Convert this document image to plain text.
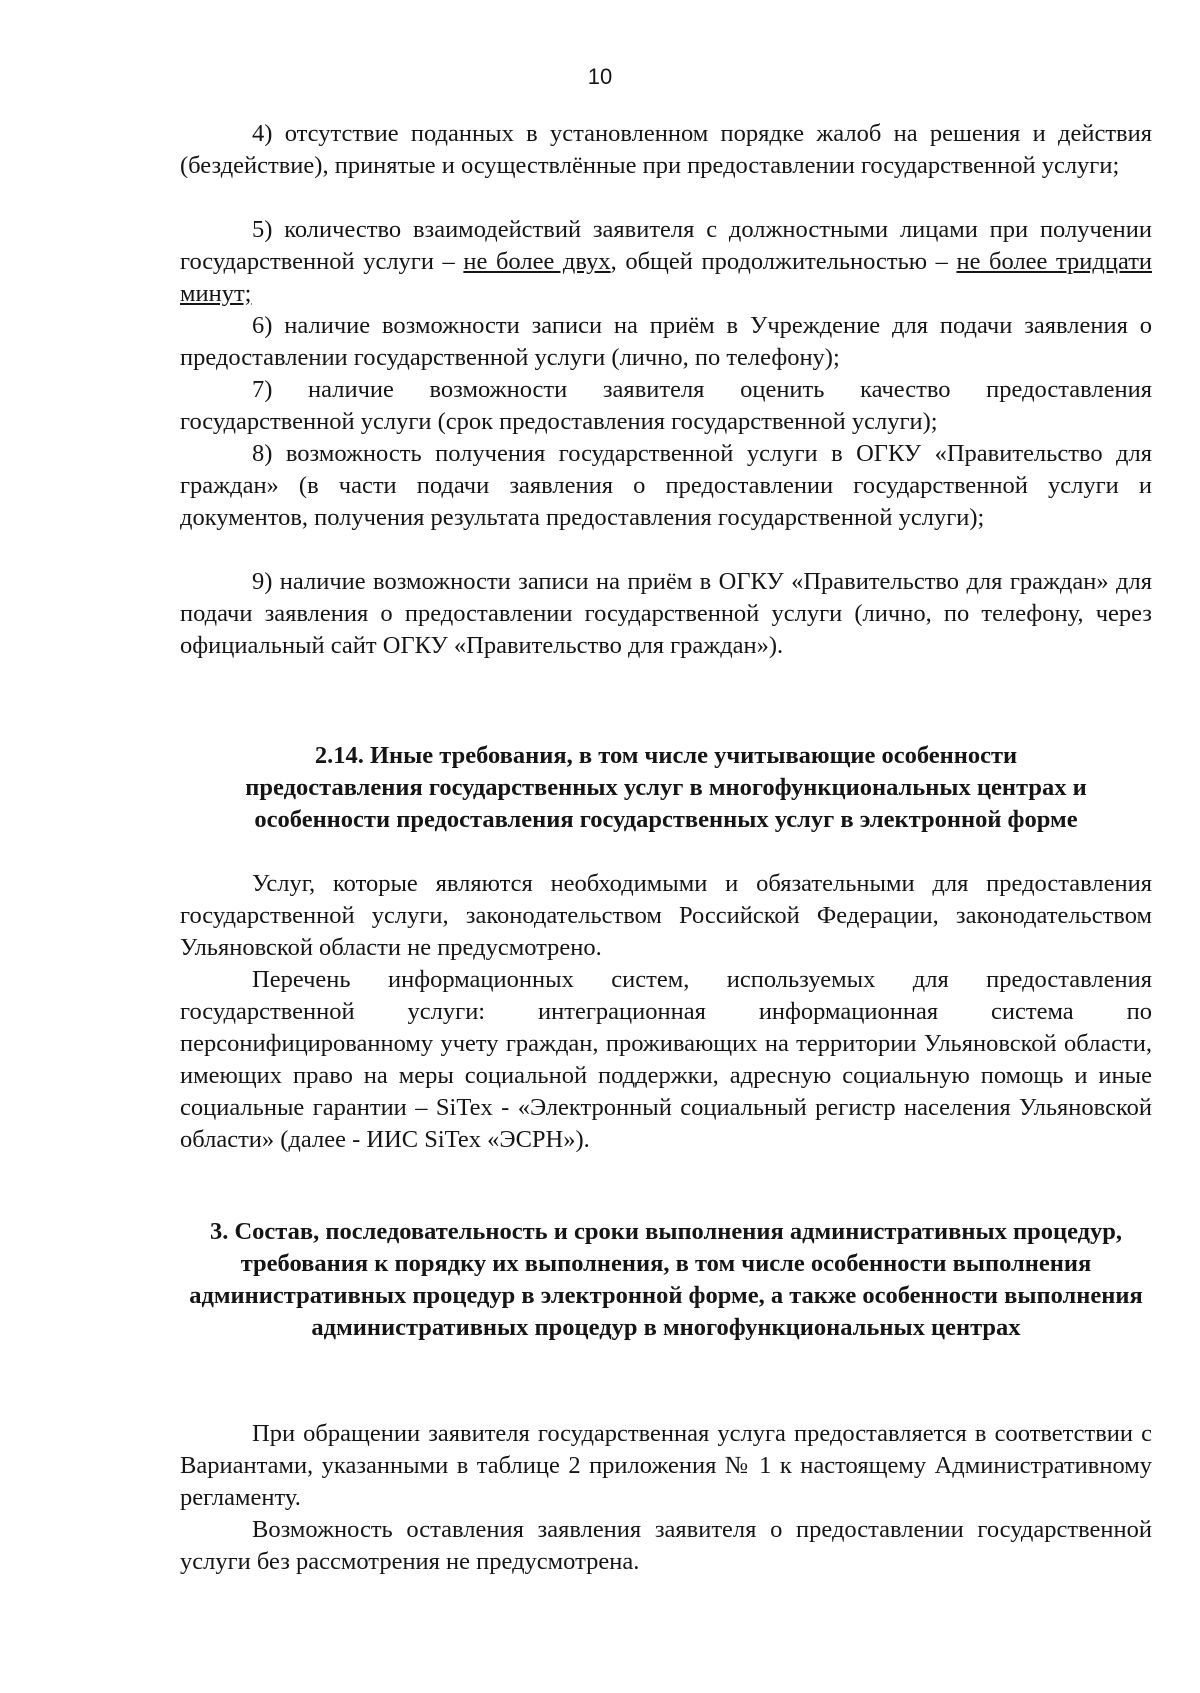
10

4) отсутствие поданных в установленном порядке жалоб на решения и действия (бездействие), принятые и осуществлённые при предоставлении государственной услуги;

5) количество взаимодействий заявителя с должностными лицами при получении государственной услуги – не более двух, общей продолжительностью – не более тридцати минут;

6) наличие возможности записи на приём в Учреждение для подачи заявления о предоставлении государственной услуги (лично, по телефону);

7) наличие возможности заявителя оценить качество предоставления государственной услуги (срок предоставления государственной услуги);

8) возможность получения государственной услуги в ОГКУ «Правительство для граждан» (в части подачи заявления о предоставлении государственной услуги и документов, получения результата предоставления государственной услуги);

9) наличие возможности записи на приём в ОГКУ «Правительство для граждан» для подачи заявления о предоставлении государственной услуги (лично, по телефону, через официальный сайт ОГКУ «Правительство для граждан»).

2.14. Иные требования, в том числе учитывающие особенности предоставления государственных услуг в многофункциональных центрах и особенности предоставления государственных услуг в электронной форме

Услуг, которые являются необходимыми и обязательными для предоставления государственной услуги, законодательством Российской Федерации, законодательством Ульяновской области не предусмотрено.

Перечень информационных систем, используемых для предоставления государственной услуги: интеграционная информационная система по персонифицированному учету граждан, проживающих на территории Ульяновской области, имеющих право на меры социальной поддержки, адресную социальную помощь и иные социальные гарантии – SiTex - «Электронный социальный регистр населения Ульяновской области» (далее - ИИС SiTex «ЭСРН»).

3. Состав, последовательность и сроки выполнения административных процедур, требования к порядку их выполнения, в том числе особенности выполнения административных процедур в электронной форме, а также особенности выполнения административных процедур в многофункциональных центрах

При обращении заявителя государственная услуга предоставляется в соответствии с Вариантами, указанными в таблице 2 приложения № 1 к настоящему Административному регламенту.

Возможность оставления заявления заявителя о предоставлении государственной услуги без рассмотрения не предусмотрена.
